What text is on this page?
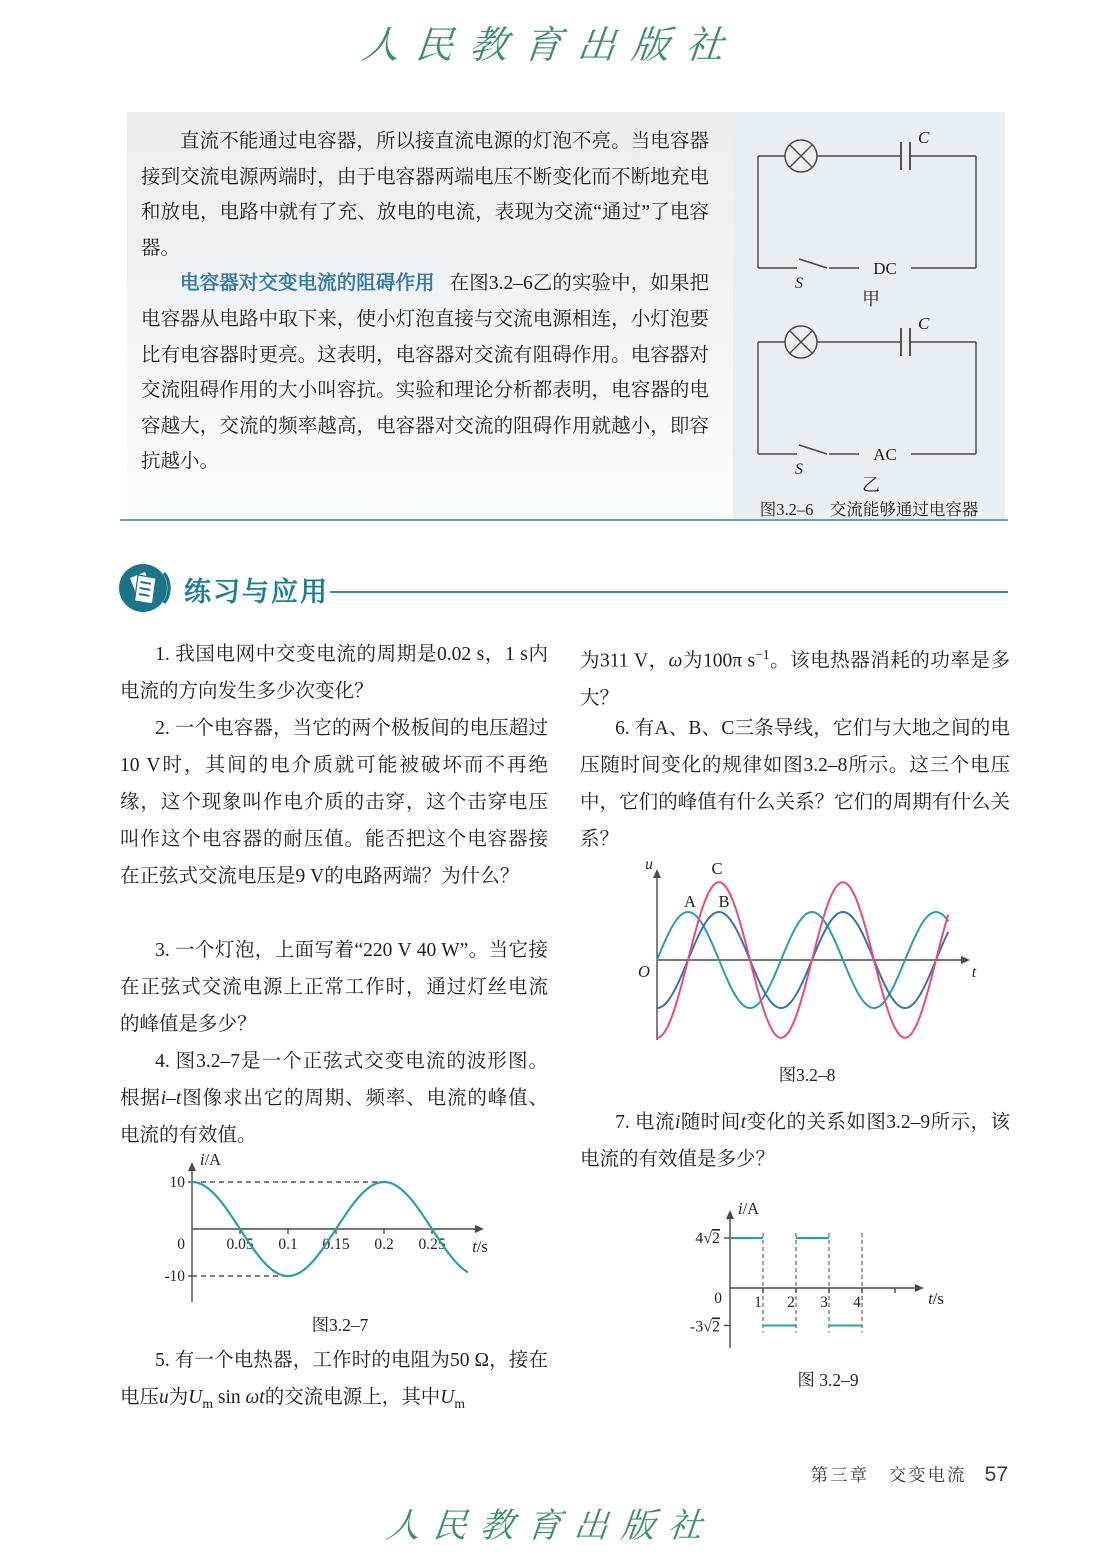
人民教育出版社

直流不能通过电容器，所以接直流电源的灯泡不亮。当电容器接到交流电源两端时，由于电容器两端电压不断变化而不断地充电和放电，电路中就有了充、放电的电流，表现为交流“通过”了电容器。

电容器对交变电流的阻碍作用 在图3.2–6乙的实验中，如果把电容器从电路中取下来，使小灯泡直接与交流电源相连，小灯泡要比有电容器时更亮。这表明，电容器对交流有阻碍作用。电容器对交流阻碍作用的大小叫容抗。实验和理论分析都表明，电容器的电容越大，交流的频率越高，电容器对交流的阻碍作用就越小，即容抗越小。

C
S
DC
甲
C
S
AC
乙
图3.2–6　交流能够通过电容器
练习与应用

1. 我国电网中交变电流的周期是0.02 s，1 s内电流的方向发生多少次变化？

2. 一个电容器，当它的两个极板间的电压超过10 V时，其间的电介质就可能被破坏而不再绝缘，这个现象叫作电介质的击穿，这个击穿电压叫作这个电容器的耐压值。能否把这个电容器接在正弦式交流电压是9 V的电路两端？为什么？

3. 一个灯泡，上面写着“220 V 40 W”。当它接在正弦式交流电源上正常工作时，通过灯丝电流的峰值是多少？

4. 图3.2–7是一个正弦式交变电流的波形图。根据i–t图像求出它的周期、频率、电流的峰值、电流的有效值。

0.05 0.1 0.15 0.2 0.25
0
10
-10
i/A
t/s
图3.2–7

5. 有一个电热器，工作时的电阻为50 Ω，接在电压u为$U_m$ sin ωt的交流电源上，其中$U_m$

为311 V，ω为100π $s^{-1}$。该电热器消耗的功率是多大？

6. 有A、B、C三条导线，它们与大地之间的电压随时间变化的规律如图3.2–8所示。这三个电压中，它们的峰值有什么关系？它们的周期有什么关系？

u
O	t
A B
C
图3.2–8

7. 电流i随时间t变化的关系如图3.2–9所示，该电流的有效值是多少？

1 2 3 4
0
4√2
-3√2
i/A
t/s
图 3.2–9
第三章　交变电流 57
人民教育出版社
